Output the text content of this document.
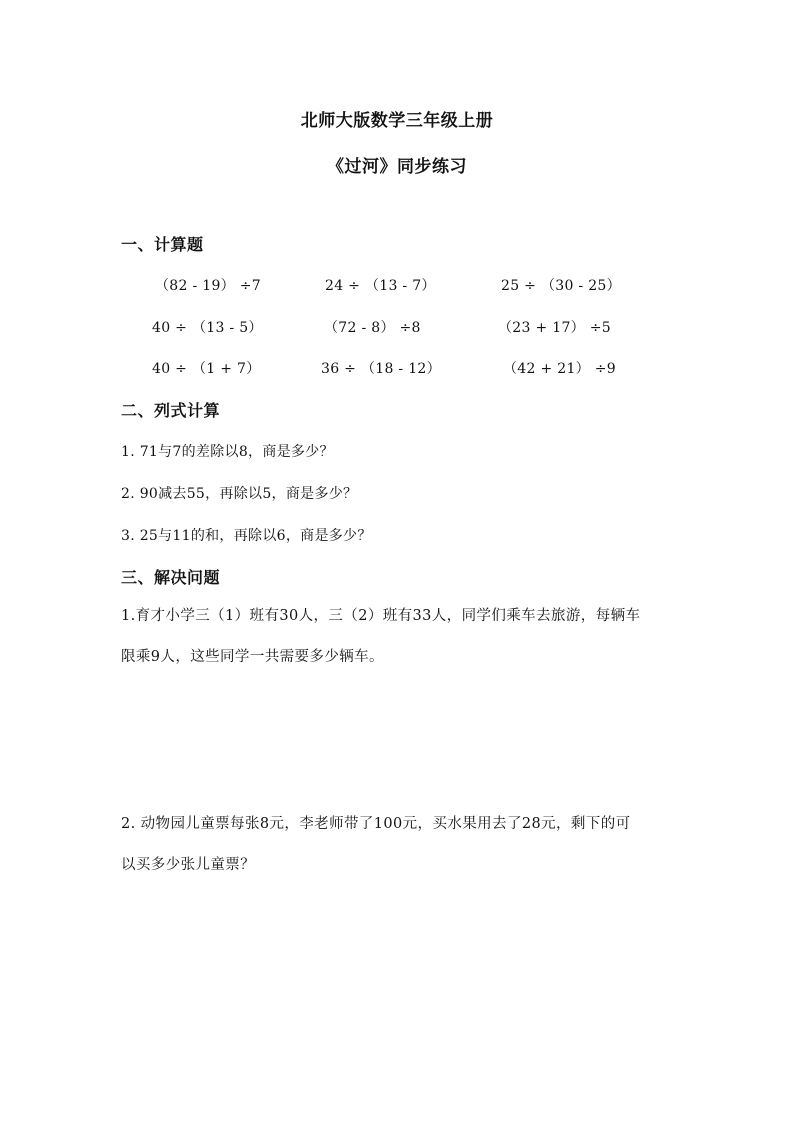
北师大版数学三年级上册
《过河》同步练习
一、计算题
（82 - 19） ÷7	24 ÷ （13 - 7）	25 ÷ （30 - 25）
40 ÷ （13 - 5）	（72 - 8） ÷8	（23 + 17） ÷5
40 ÷ （1 + 7）	36 ÷ （18 - 12）	（42 + 21） ÷9
二、列式计算
1. 71与7的差除以8，商是多少？
2. 90减去55，再除以5，商是多少？
3. 25与11的和，再除以6，商是多少？
三、解决问题
1.育才小学三（1）班有30人，三（2）班有33人，同学们乘车去旅游，每辆车
限乘9人，这些同学一共需要多少辆车。
2. 动物园儿童票每张8元，李老师带了100元，买水果用去了28元，剩下的可
以买多少张儿童票？
